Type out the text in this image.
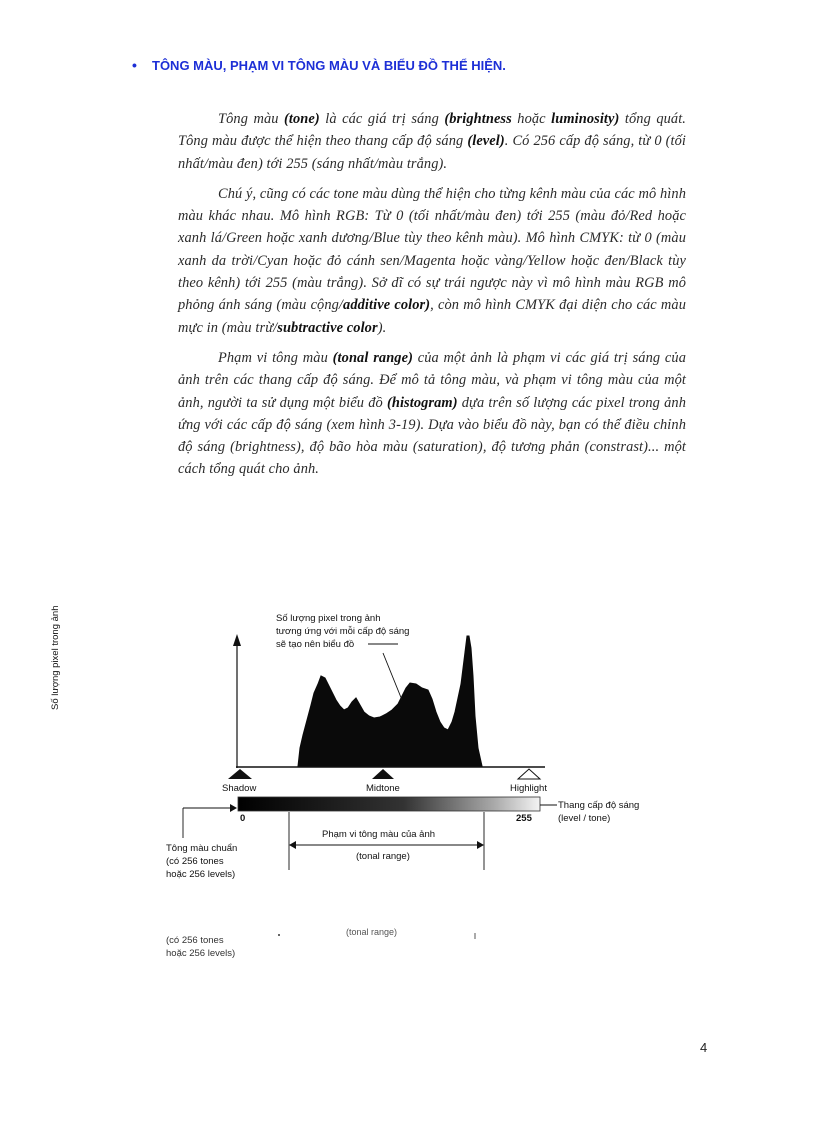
• TÔNG MÀU, PHẠM VI TÔNG MÀU VÀ BIỂU ĐỒ THỂ HIỆN.

Tông màu (tone) là các giá trị sáng (brightness hoặc luminosity) tổng quát. Tông màu được thể hiện theo thang cấp độ sáng (level). Có 256 cấp độ sáng, từ 0 (tối nhất/màu đen) tới 255 (sáng nhất/màu trắng).

Chú ý, cũng có các tone màu dùng thể hiện cho từng kênh màu của các mô hình màu khác nhau. Mô hình RGB: Từ 0 (tối nhất/màu đen) tới 255 (màu đỏ/Red hoặc xanh lá/Green hoặc xanh dương/Blue tùy theo kênh màu). Mô hình CMYK: từ 0 (màu xanh da trời/Cyan hoặc đỏ cánh sen/Magenta hoặc vàng/Yellow hoặc đen/Black tùy theo kênh) tới 255 (màu trắng). Sở dĩ có sự trái ngược này vì mô hình màu RGB mô phỏng ánh sáng (màu cộng/additive color), còn mô hình CMYK đại diện cho các màu mực in (màu trừ/subtractive color).

Phạm vi tông màu (tonal range) của một ảnh là phạm vi các giá trị sáng của ảnh trên các thang cấp độ sáng. Để mô tả tông màu, và phạm vi tông màu của một ảnh, người ta sử dụng một biểu đồ (histogram) dựa trên số lượng các pixel trong ảnh ứng với các cấp độ sáng (xem hình 3-19). Dựa vào biểu đồ này, bạn có thể điều chỉnh độ sáng (brightness), độ bão hòa màu (saturation), độ tương phản (constrast)... một cách tổng quát cho ảnh.

Số lượng pixel trong ảnh
tương ứng với mỗi cấp độ sáng
sẽ tạo nên biểu đồ
Số lượng pixel trong ảnh
Shadow	Midtone	Highlight
0	255
Thang cấp độ sáng
(level / tone)
Phạm vi tông màu của ảnh
(tonal range)
Tông màu chuẩn
(có 256 tones
hoặc 256 levels)
(có 256 tones
hoặc 256 levels)
(tonal range)
4
